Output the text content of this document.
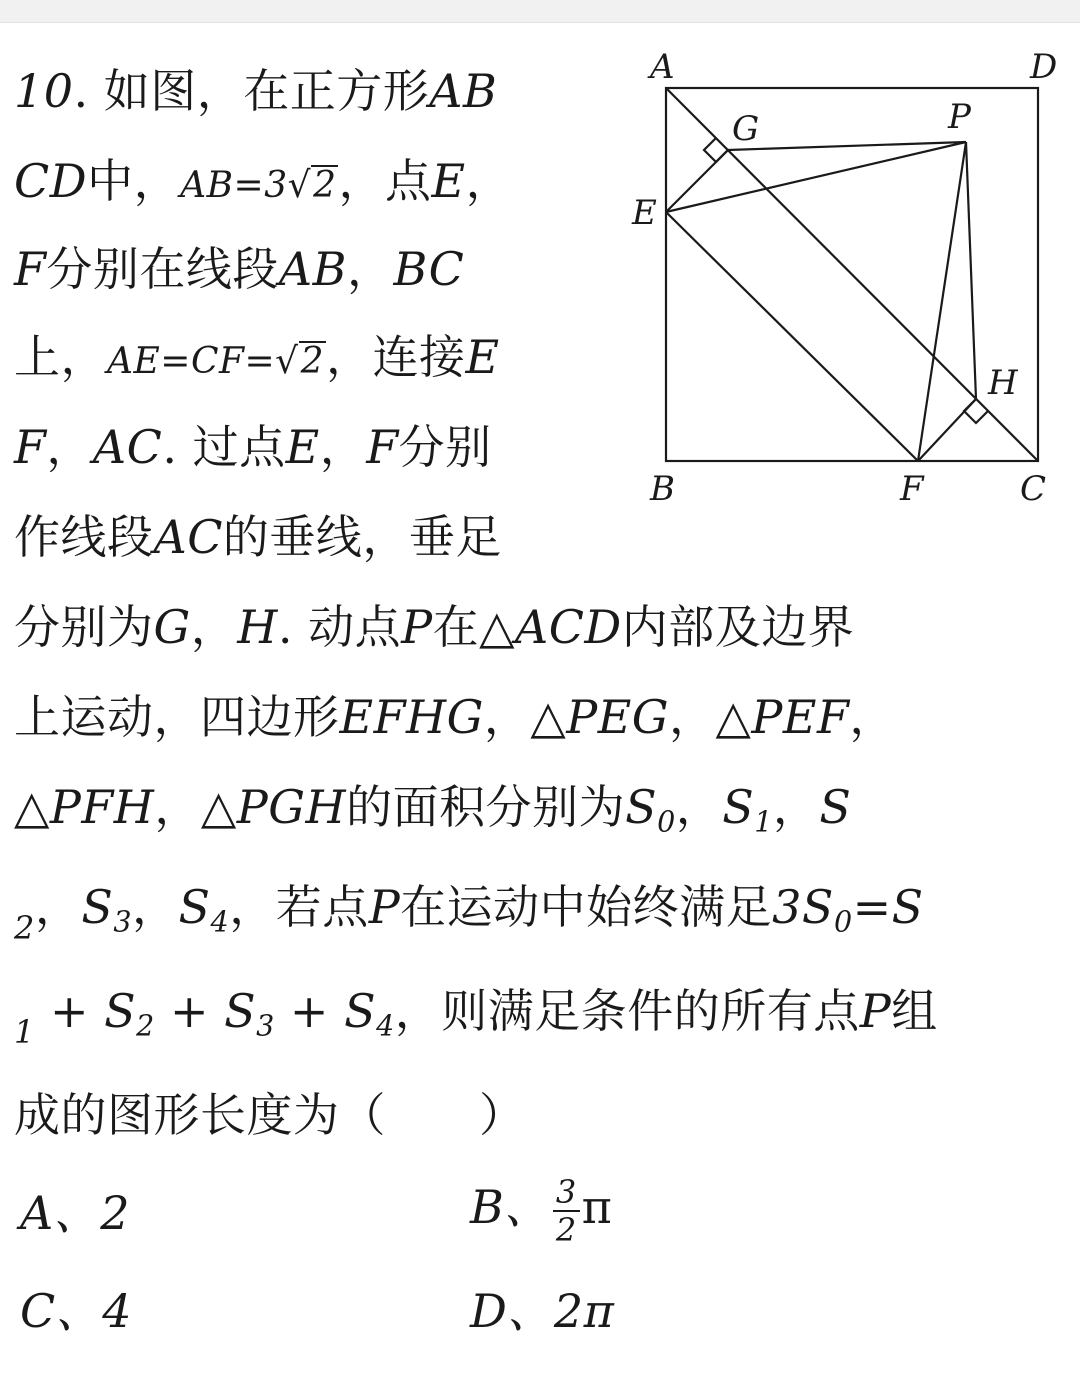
10. 如图，在正方形AB
CD中，AB=3√2，点E，
F分别在线段AB，BC
上，AE=CF=√2，连接E
F，AC. 过点E，F分别
作线段AC的垂线，垂足
分别为G，H. 动点P在△ACD内部及边界
上运动，四边形EFHG，△PEG，△PEF，
△PFH，△PGH的面积分别为$S_0$，$S_1$，S
$_2$，$S_3$，$S_4$，若点P在运动中始终满足$3S_0=S$
$_1 + S_2 + S_3 + S_4$，则满足条件的所有点P组
成的图形长度为（　　）
A、2	B、 $\frac{3}{2}$ π
C、4	D、2π
A	D
B	C
E
F
G
H
P
